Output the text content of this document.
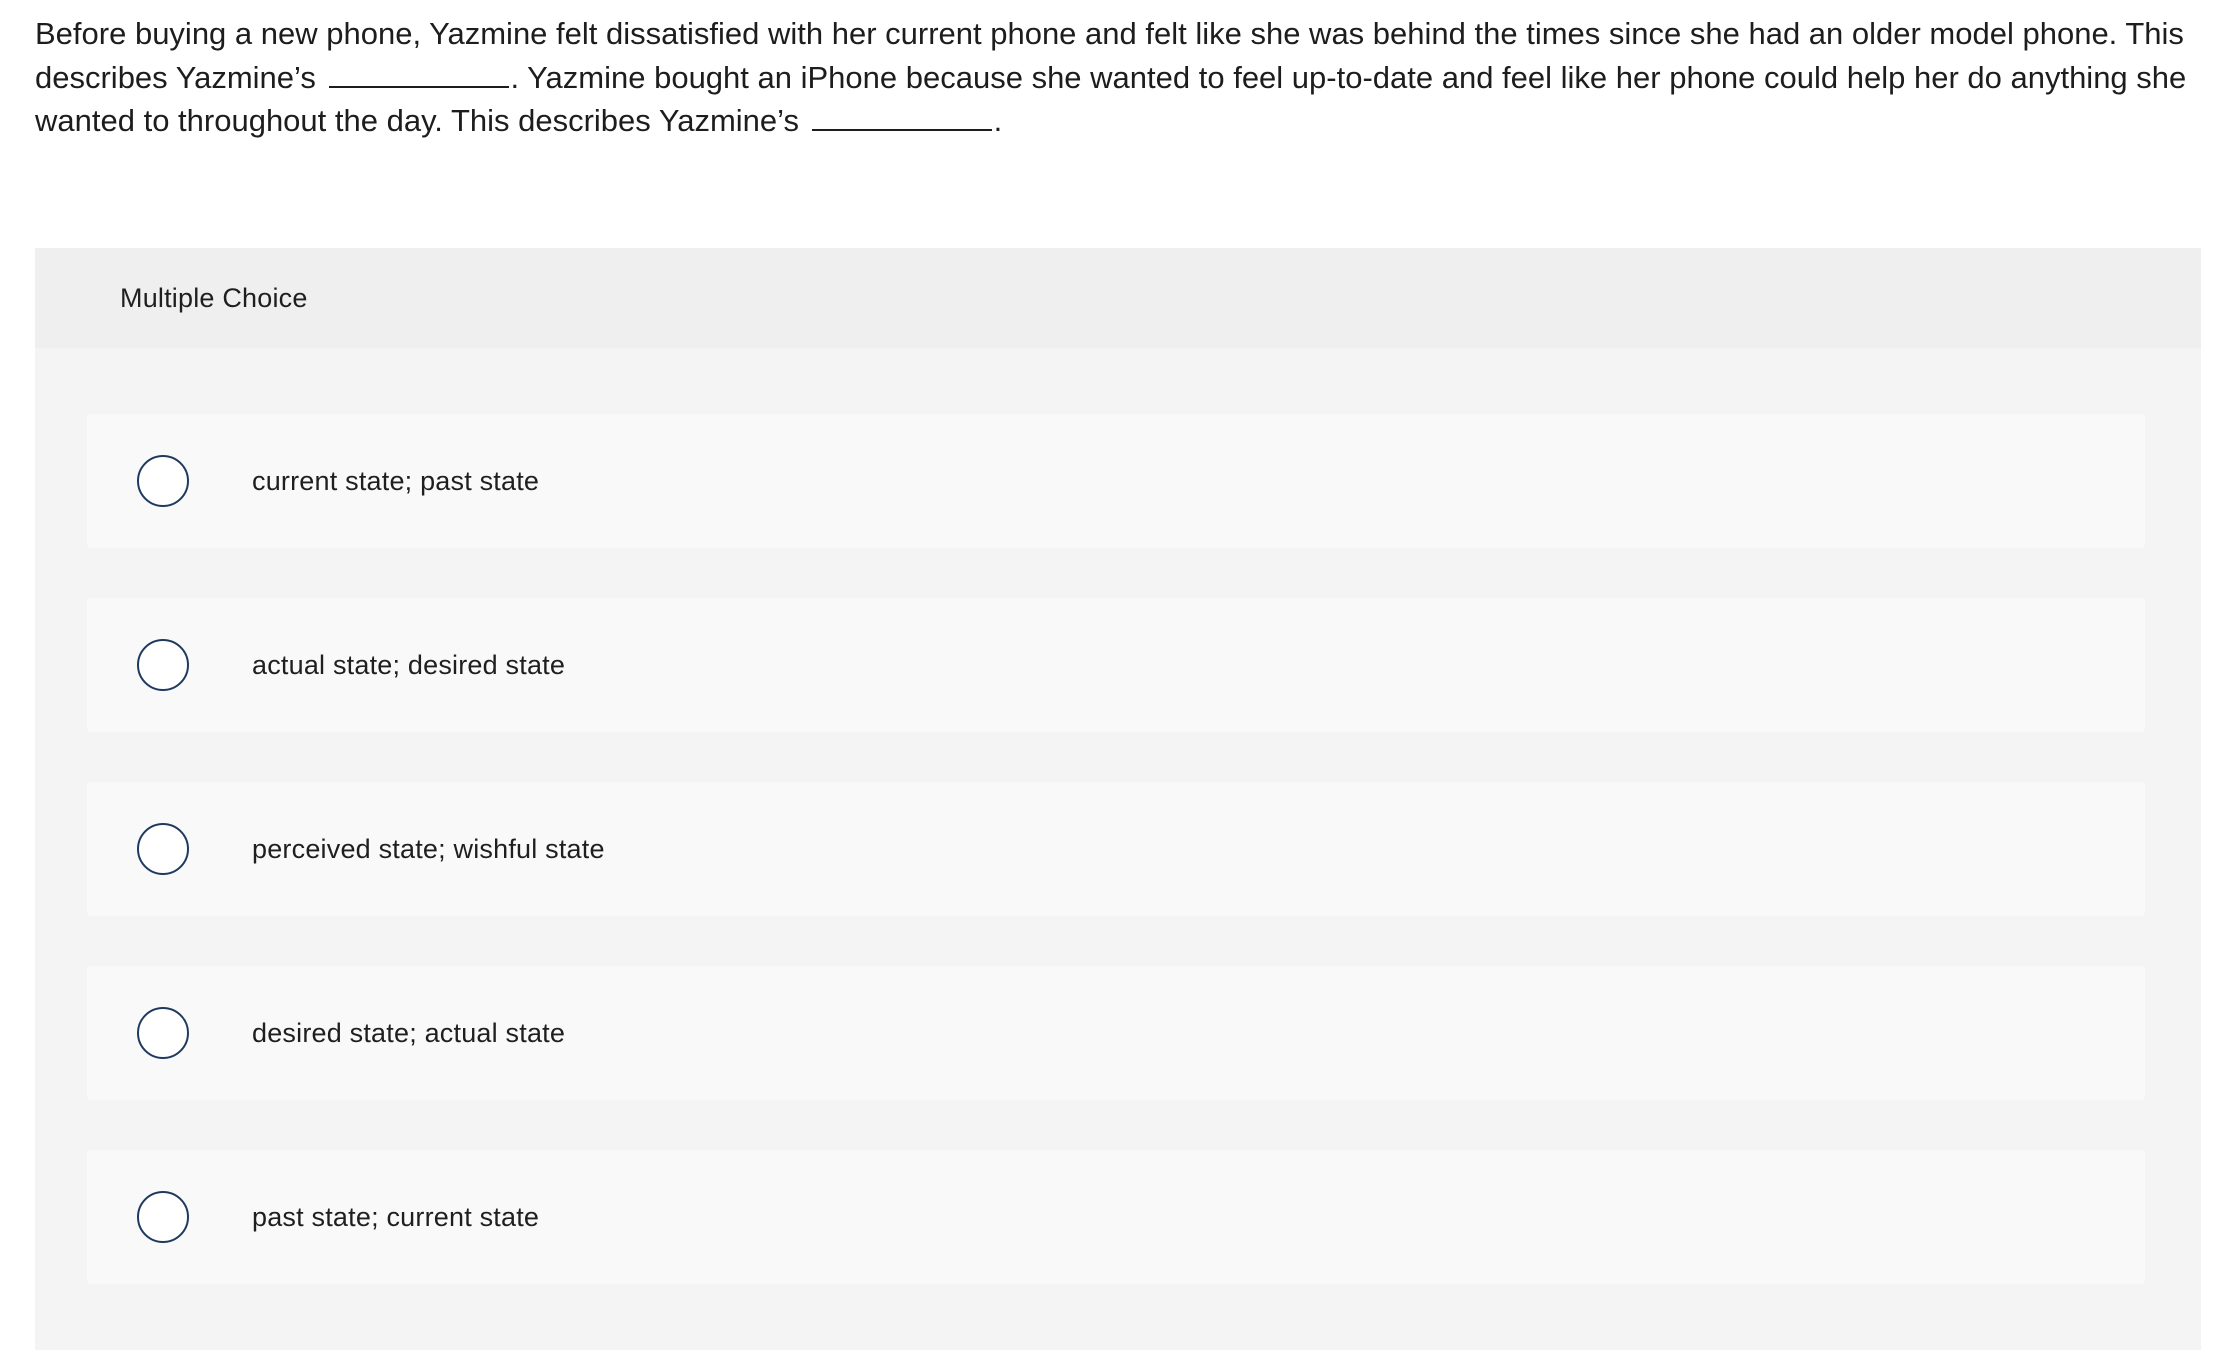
Before buying a new phone, Yazmine felt dissatisfied with her current phone and felt like she was behind the times since she had an older model phone. This describes Yazmine’s	. Yazmine bought an iPhone because she wanted to feel up-to-date and feel like her phone could help her do anything she wanted to throughout the day. This describes Yazmine’s	.

Multiple Choice
current state; past state
actual state; desired state
perceived state; wishful state
desired state; actual state
past state; current state
